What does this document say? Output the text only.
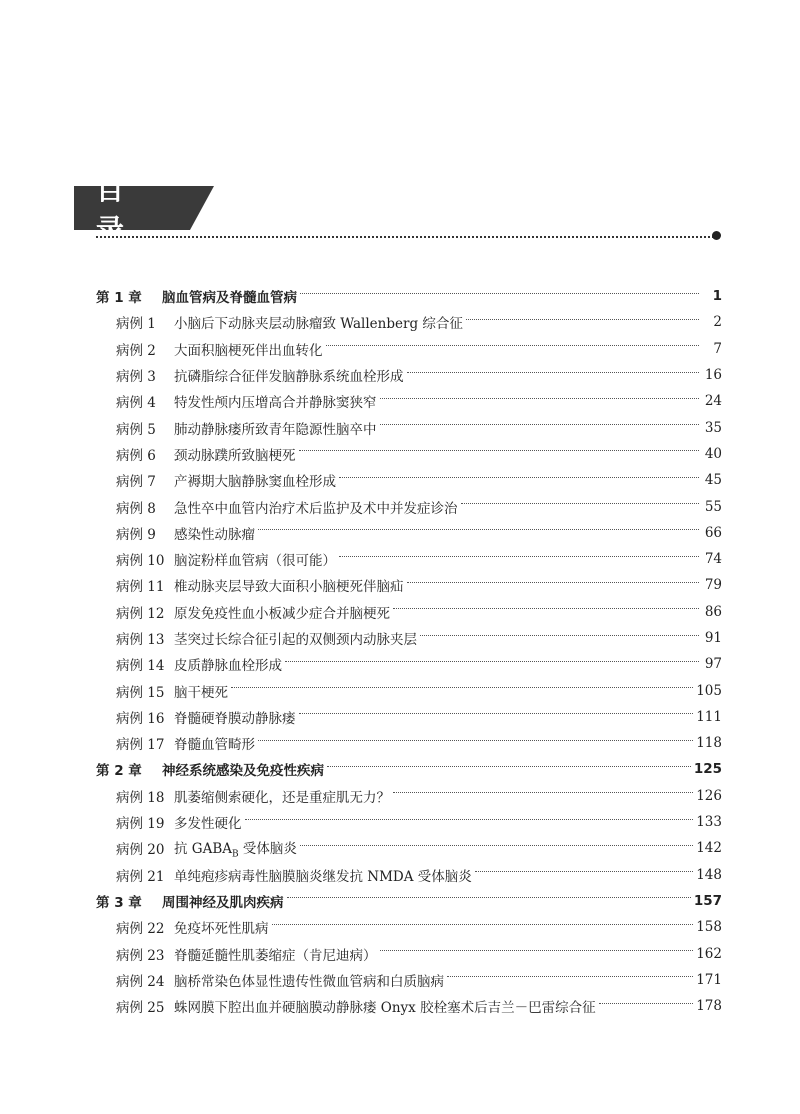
目 录
第 1 章	脑血管病及脊髓血管病	1
病例 1	小脑后下动脉夹层动脉瘤致 Wallenberg 综合征	2
病例 2	大面积脑梗死伴出血转化	7
病例 3	抗磷脂综合征伴发脑静脉系统血栓形成	16
病例 4	特发性颅内压增高合并静脉窦狭窄	24
病例 5	肺动静脉瘘所致青年隐源性脑卒中	35
病例 6	颈动脉蹼所致脑梗死	40
病例 7	产褥期大脑静脉窦血栓形成	45
病例 8	急性卒中血管内治疗术后监护及术中并发症诊治	55
病例 9	感染性动脉瘤	66
病例 10 脑淀粉样血管病（很可能）	74
病例 11 椎动脉夹层导致大面积小脑梗死伴脑疝	79
病例 12 原发免疫性血小板减少症合并脑梗死	86
病例 13 茎突过长综合征引起的双侧颈内动脉夹层	91
病例 14 皮质静脉血栓形成	97
病例 15 脑干梗死	105
病例 16 脊髓硬脊膜动静脉瘘	111
病例 17 脊髓血管畸形	118
第 2 章	神经系统感染及免疫性疾病	125
病例 18 肌萎缩侧索硬化，还是重症肌无力？	126
病例 19 多发性硬化	133
病例 20 抗 $GABA_B$ 受体脑炎	142
病例 21 单纯疱疹病毒性脑膜脑炎继发抗 NMDA 受体脑炎	148
第 3 章	周围神经及肌肉疾病	157
病例 22 免疫坏死性肌病	158
病例 23 脊髓延髓性肌萎缩症（肯尼迪病）	162
病例 24 脑桥常染色体显性遗传性微血管病和白质脑病	171
病例 25 蛛网膜下腔出血并硬脑膜动静脉瘘 Onyx 胶栓塞术后吉兰－巴雷综合征	178
